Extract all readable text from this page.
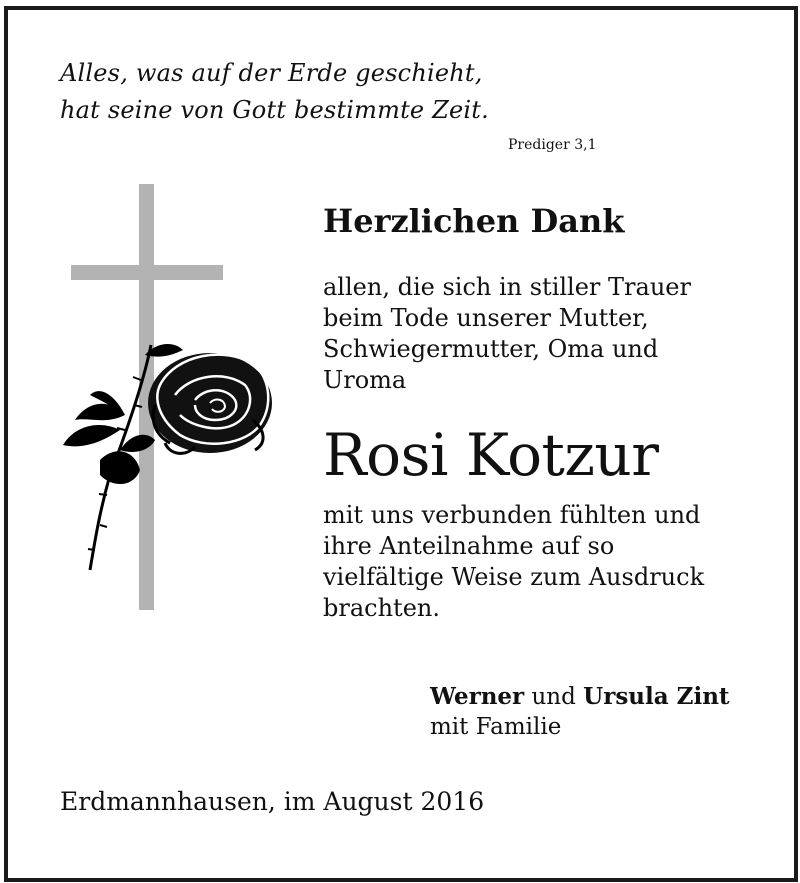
Alles, was auf der Erde geschieht,
hat seine von Gott bestimmte Zeit.
Prediger 3,1
Herzlichen Dank
allen, die sich in stiller Trauer
beim Tode unserer Mutter,
Schwiegermutter, Oma und
Uroma
Rosi Kotzur
mit uns verbunden fühlten und
ihre Anteilnahme auf so
vielfältige Weise zum Ausdruck
brachten.
Werner und Ursula Zint
mit Familie
Erdmannhausen, im August 2016
